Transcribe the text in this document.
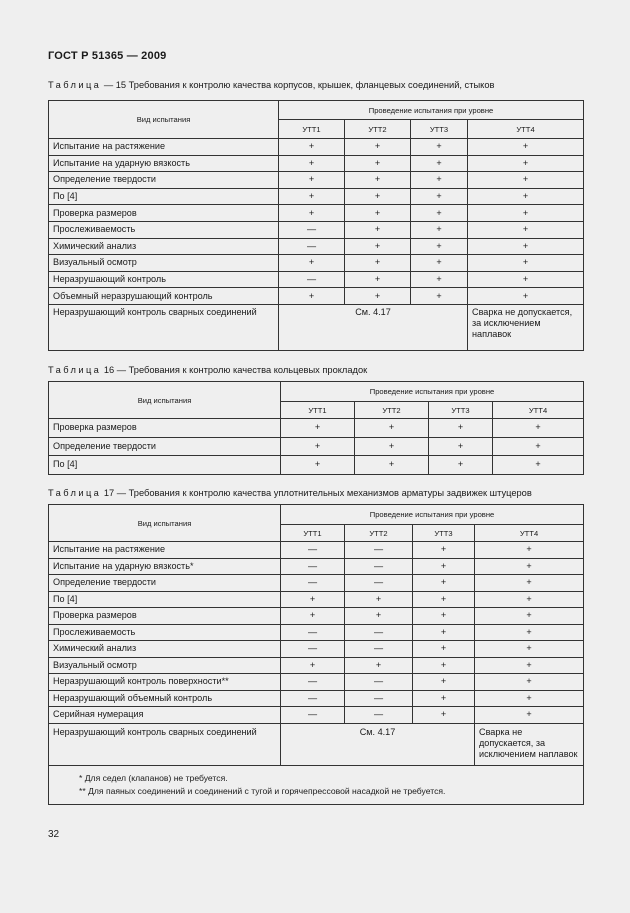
ГОСТ Р 51365 — 2009
Таблица — 15 Требования к контролю качества корпусов, крышек, фланцевых соединений, стыков
Вид испытания	Проведение испытания при уровне			
	УТТ1	УТТ2	УТТ3	УТТ4
Испытание на растяжение	+	+	+	+
Испытание на ударную вязкость	+	+	+	+
Определение твердости	+	+	+	+
По [4]	+	+	+	+
Проверка размеров	+	+	+	+
Прослеживаемость	—	+	+	+
Химический анализ	—	+	+	+
Визуальный осмотр	+	+	+	+
Неразрушающий контроль	—	+	+	+
Объемный неразрушающий контроль	+	+	+	+
Неразрушающий контроль сварных соединений	См. 4.17			Сварка не допускается, за исключением наплавок
Таблица 16 — Требования к контролю качества кольцевых прокладок
Вид испытания	Проведение испытания при уровне			
	УТТ1	УТТ2	УТТ3	УТТ4
Проверка размеров	+	+	+	+
Определение твердости	+	+	+	+
По [4]	+	+	+	+
Таблица 17 — Требования к контролю качества уплотнительных механизмов арматуры задвижек штуцеров
Вид испытания	Проведение испытания при уровне			
	УТТ1	УТТ2	УТТ3	УТТ4
Испытание на растяжение	—	—	+	+
Испытание на ударную вязкость*	—	—	+	+
Определение твердости	—	—	+	+
По [4]	+	+	+	+
Проверка размеров	+	+	+	+
Прослеживаемость	—	—	+	+
Химический анализ	—	—	+	+
Визуальный осмотр	+	+	+	+
Неразрушающий контроль поверхности**	—	—	+	+
Неразрушающий объемный контроль	—	—	+	+
Серийная нумерация	—	—	+	+
Неразрушающий контроль сварных соединений	См. 4.17			Сварка не допускается, за исключением наплавок

* Для седел (клапанов) не требуется.
** Для паяных соединений и соединений с тугой и горячепрессовой насадкой не требуется.				
32
